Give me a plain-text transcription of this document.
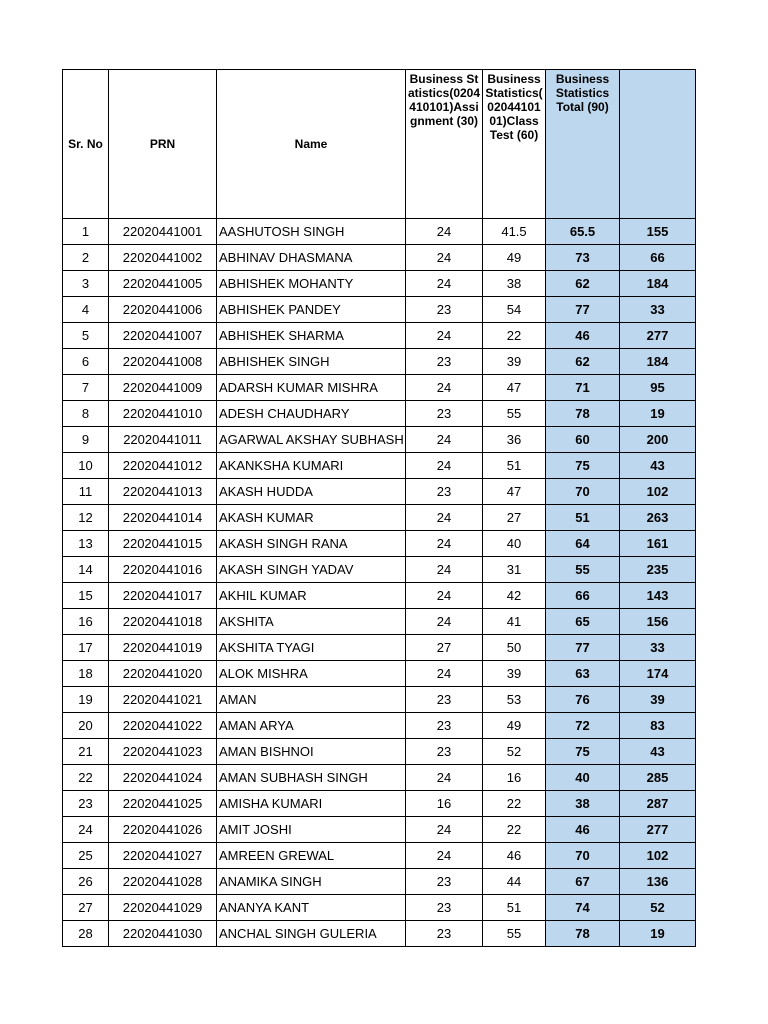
Sr. No	PRN	Name	Business Statistics(0204410101)Assignment (30)	Business Statistics( 0204410101)Class Test (60)	Business Statistics Total (90)	

1	22020441001	AASHUTOSH SINGH	24	41.5	65.5	155
2	22020441002	ABHINAV DHASMANA	24	49	73	66
3	22020441005	ABHISHEK MOHANTY	24	38	62	184
4	22020441006	ABHISHEK PANDEY	23	54	77	33
5	22020441007	ABHISHEK SHARMA	24	22	46	277
6	22020441008	ABHISHEK SINGH	23	39	62	184
7	22020441009	ADARSH KUMAR MISHRA	24	47	71	95
8	22020441010	ADESH CHAUDHARY	23	55	78	19
9	22020441011	AGARWAL AKSHAY SUBHASH	24	36	60	200
10	22020441012	AKANKSHA KUMARI	24	51	75	43
11	22020441013	AKASH HUDDA	23	47	70	102
12	22020441014	AKASH KUMAR	24	27	51	263
13	22020441015	AKASH SINGH RANA	24	40	64	161
14	22020441016	AKASH SINGH YADAV	24	31	55	235
15	22020441017	AKHIL KUMAR	24	42	66	143
16	22020441018	AKSHITA	24	41	65	156
17	22020441019	AKSHITA TYAGI	27	50	77	33
18	22020441020	ALOK MISHRA	24	39	63	174
19	22020441021	AMAN	23	53	76	39
20	22020441022	AMAN ARYA	23	49	72	83
21	22020441023	AMAN BISHNOI	23	52	75	43
22	22020441024	AMAN SUBHASH SINGH	24	16	40	285
23	22020441025	AMISHA KUMARI	16	22	38	287
24	22020441026	AMIT JOSHI	24	22	46	277
25	22020441027	AMREEN GREWAL	24	46	70	102
26	22020441028	ANAMIKA SINGH	23	44	67	136
27	22020441029	ANANYA KANT	23	51	74	52
28	22020441030	ANCHAL SINGH GULERIA	23	55	78	19
